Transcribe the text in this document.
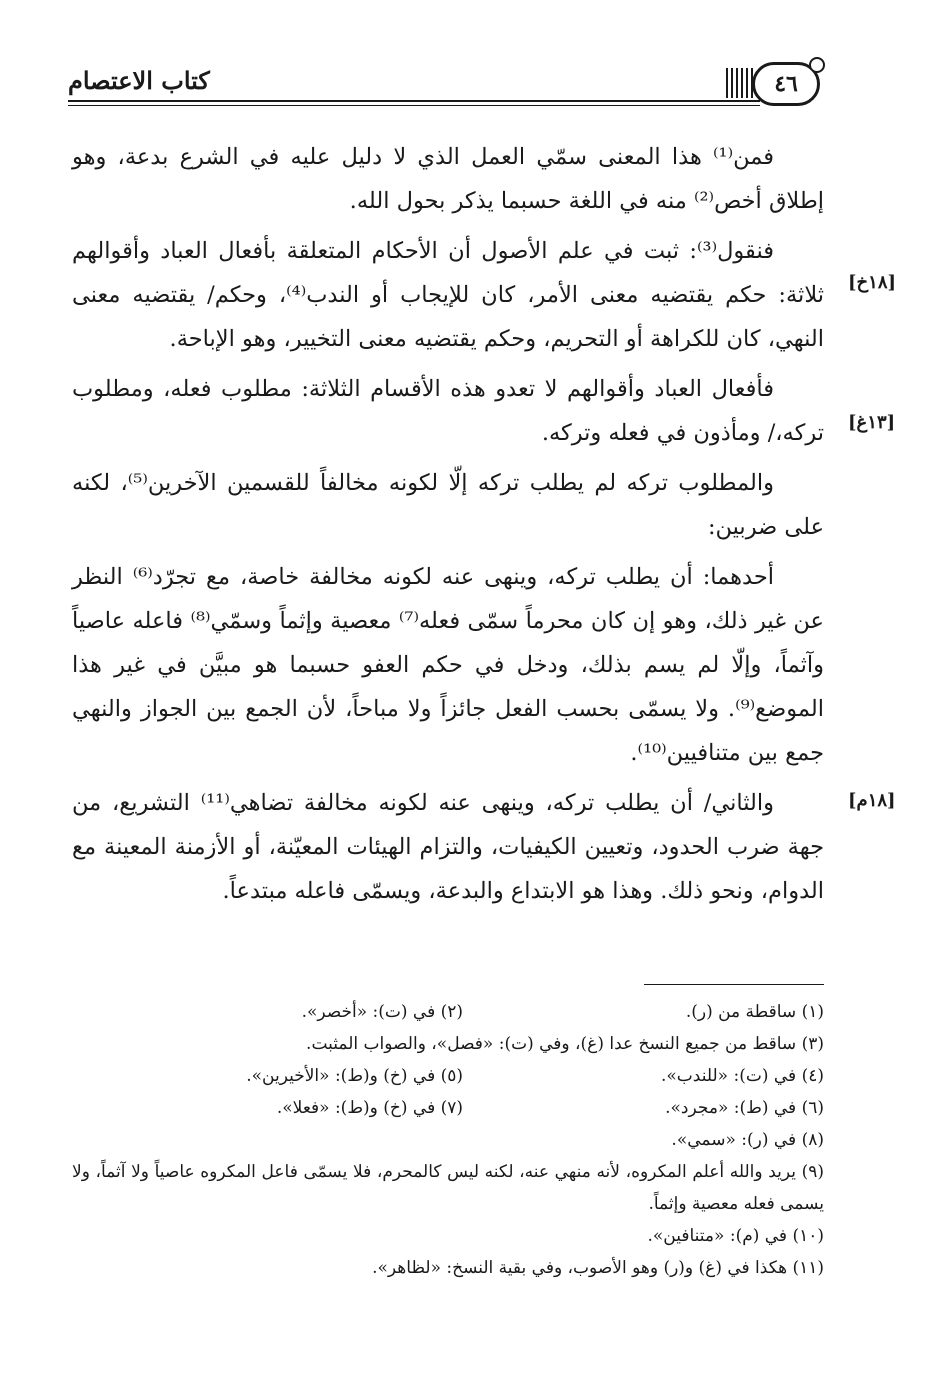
كتاب الاعتصام	٤٦
[١٨خ]
[١٣غ]
[١٨م]

فمن⁽¹⁾ هذا المعنى سمّي العمل الذي لا دليل عليه في الشرع بدعة، وهو إطلاق أخص⁽²⁾ منه في اللغة حسبما يذكر بحول الله.

فنقول⁽³⁾: ثبت في علم الأصول أن الأحكام المتعلقة بأفعال العباد وأقوالهم ثلاثة: حكم يقتضيه معنى الأمر، كان للإيجاب أو الندب⁽⁴⁾، وحكم/ يقتضيه معنى النهي، كان للكراهة أو التحريم، وحكم يقتضيه معنى التخيير، وهو الإباحة.

فأفعال العباد وأقوالهم لا تعدو هذه الأقسام الثلاثة: مطلوب فعله، ومطلوب تركه،/ ومأذون في فعله وتركه.

والمطلوب تركه لم يطلب تركه إلّا لكونه مخالفاً للقسمين الآخرين⁽⁵⁾، لكنه على ضربين:

أحدهما: أن يطلب تركه، وينهى عنه لكونه مخالفة خاصة، مع تجرّد⁽⁶⁾ النظر عن غير ذلك، وهو إن كان محرماً سمّى فعله⁽⁷⁾ معصية وإثماً وسمّي⁽⁸⁾ فاعله عاصياً وآثماً، وإلّا لم يسم بذلك، ودخل في حكم العفو حسبما هو مبيَّن في غير هذا الموضع⁽⁹⁾. ولا يسمّى بحسب الفعل جائزاً ولا مباحاً، لأن الجمع بين الجواز والنهي جمع بين متنافيين⁽¹⁰⁾.

والثاني/ أن يطلب تركه، وينهى عنه لكونه مخالفة تضاهي⁽¹¹⁾ التشريع، من جهة ضرب الحدود، وتعيين الكيفيات، والتزام الهيئات المعيّنة، أو الأزمنة المعينة مع الدوام، ونحو ذلك. وهذا هو الابتداع والبدعة، ويسمّى فاعله مبتدعاً.

(١) ساقطة من (ر).
(٢) في (ت): «أخصر».
(٣) ساقط من جميع النسخ عدا (غ)، وفي (ت): «فصل»، والصواب المثبت.
(٤) في (ت): «للندب».
(٥) في (خ) و(ط): «الأخيرين».
(٦) في (ط): «مجرد».
(٧) في (خ) و(ط): «فعلا».
(٨) في (ر): «سمي».
(٩) يريد والله أعلم المكروه، لأنه منهي عنه، لكنه ليس كالمحرم، فلا يسمّى فاعل المكروه عاصياً ولا آثماً، ولا يسمى فعله معصية وإثماً.
(١٠) في (م): «متنافين».
(١١) هكذا في (غ) و(ر) وهو الأصوب، وفي بقية النسخ: «لظاهر».
